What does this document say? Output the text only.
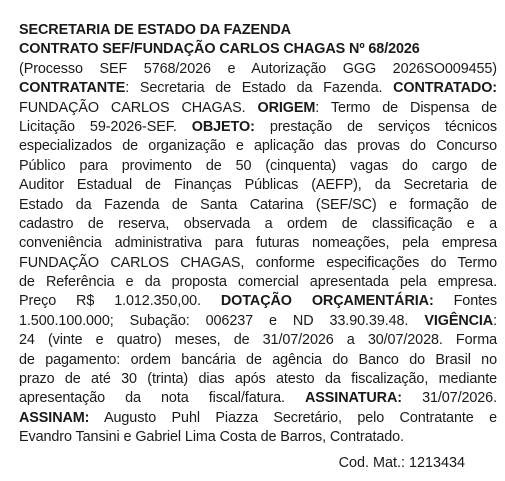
SECRETARIA DE ESTADO DA FAZENDA
CONTRATO SEF/FUNDAÇÃO CARLOS CHAGAS Nº 68/2026
(Processo SEF 5768/2026 e Autorização GGG 2026SO009455)
CONTRATANTE: Secretaria de Estado da Fazenda. CONTRATADO:
FUNDAÇÃO CARLOS CHAGAS. ORIGEM: Termo de Dispensa de
Licitação 59-2026-SEF. OBJETO: prestação de serviços técnicos
especializados de organização e aplicação das provas do Concurso
Público para provimento de 50 (cinquenta) vagas do cargo de
Auditor Estadual de Finanças Públicas (AEFP), da Secretaria de
Estado da Fazenda de Santa Catarina (SEF/SC) e formação de
cadastro de reserva, observada a ordem de classificação e a
conveniência administrativa para futuras nomeações, pela empresa
FUNDAÇÃO CARLOS CHAGAS, conforme especificações do Termo
de Referência e da proposta comercial apresentada pela empresa.
Preço R$ 1.012.350,00. DOTAÇÃO ORÇAMENTÁRIA: Fontes
1.500.100.000; Subação: 006237 e ND 33.90.39.48. VIGÊNCIA:
24 (vinte e quatro) meses, de 31/07/2026 a 30/07/2028. Forma
de pagamento: ordem bancária de agência do Banco do Brasil no
prazo de até 30 (trinta) dias após atesto da fiscalização, mediante
apresentação da nota fiscal/fatura. ASSINATURA: 31/07/2026.
ASSINAM: Augusto Puhl Piazza Secretário, pelo Contratante e
Evandro Tansini e Gabriel Lima Costa de Barros, Contratado.
Cod. Mat.: 1213434
